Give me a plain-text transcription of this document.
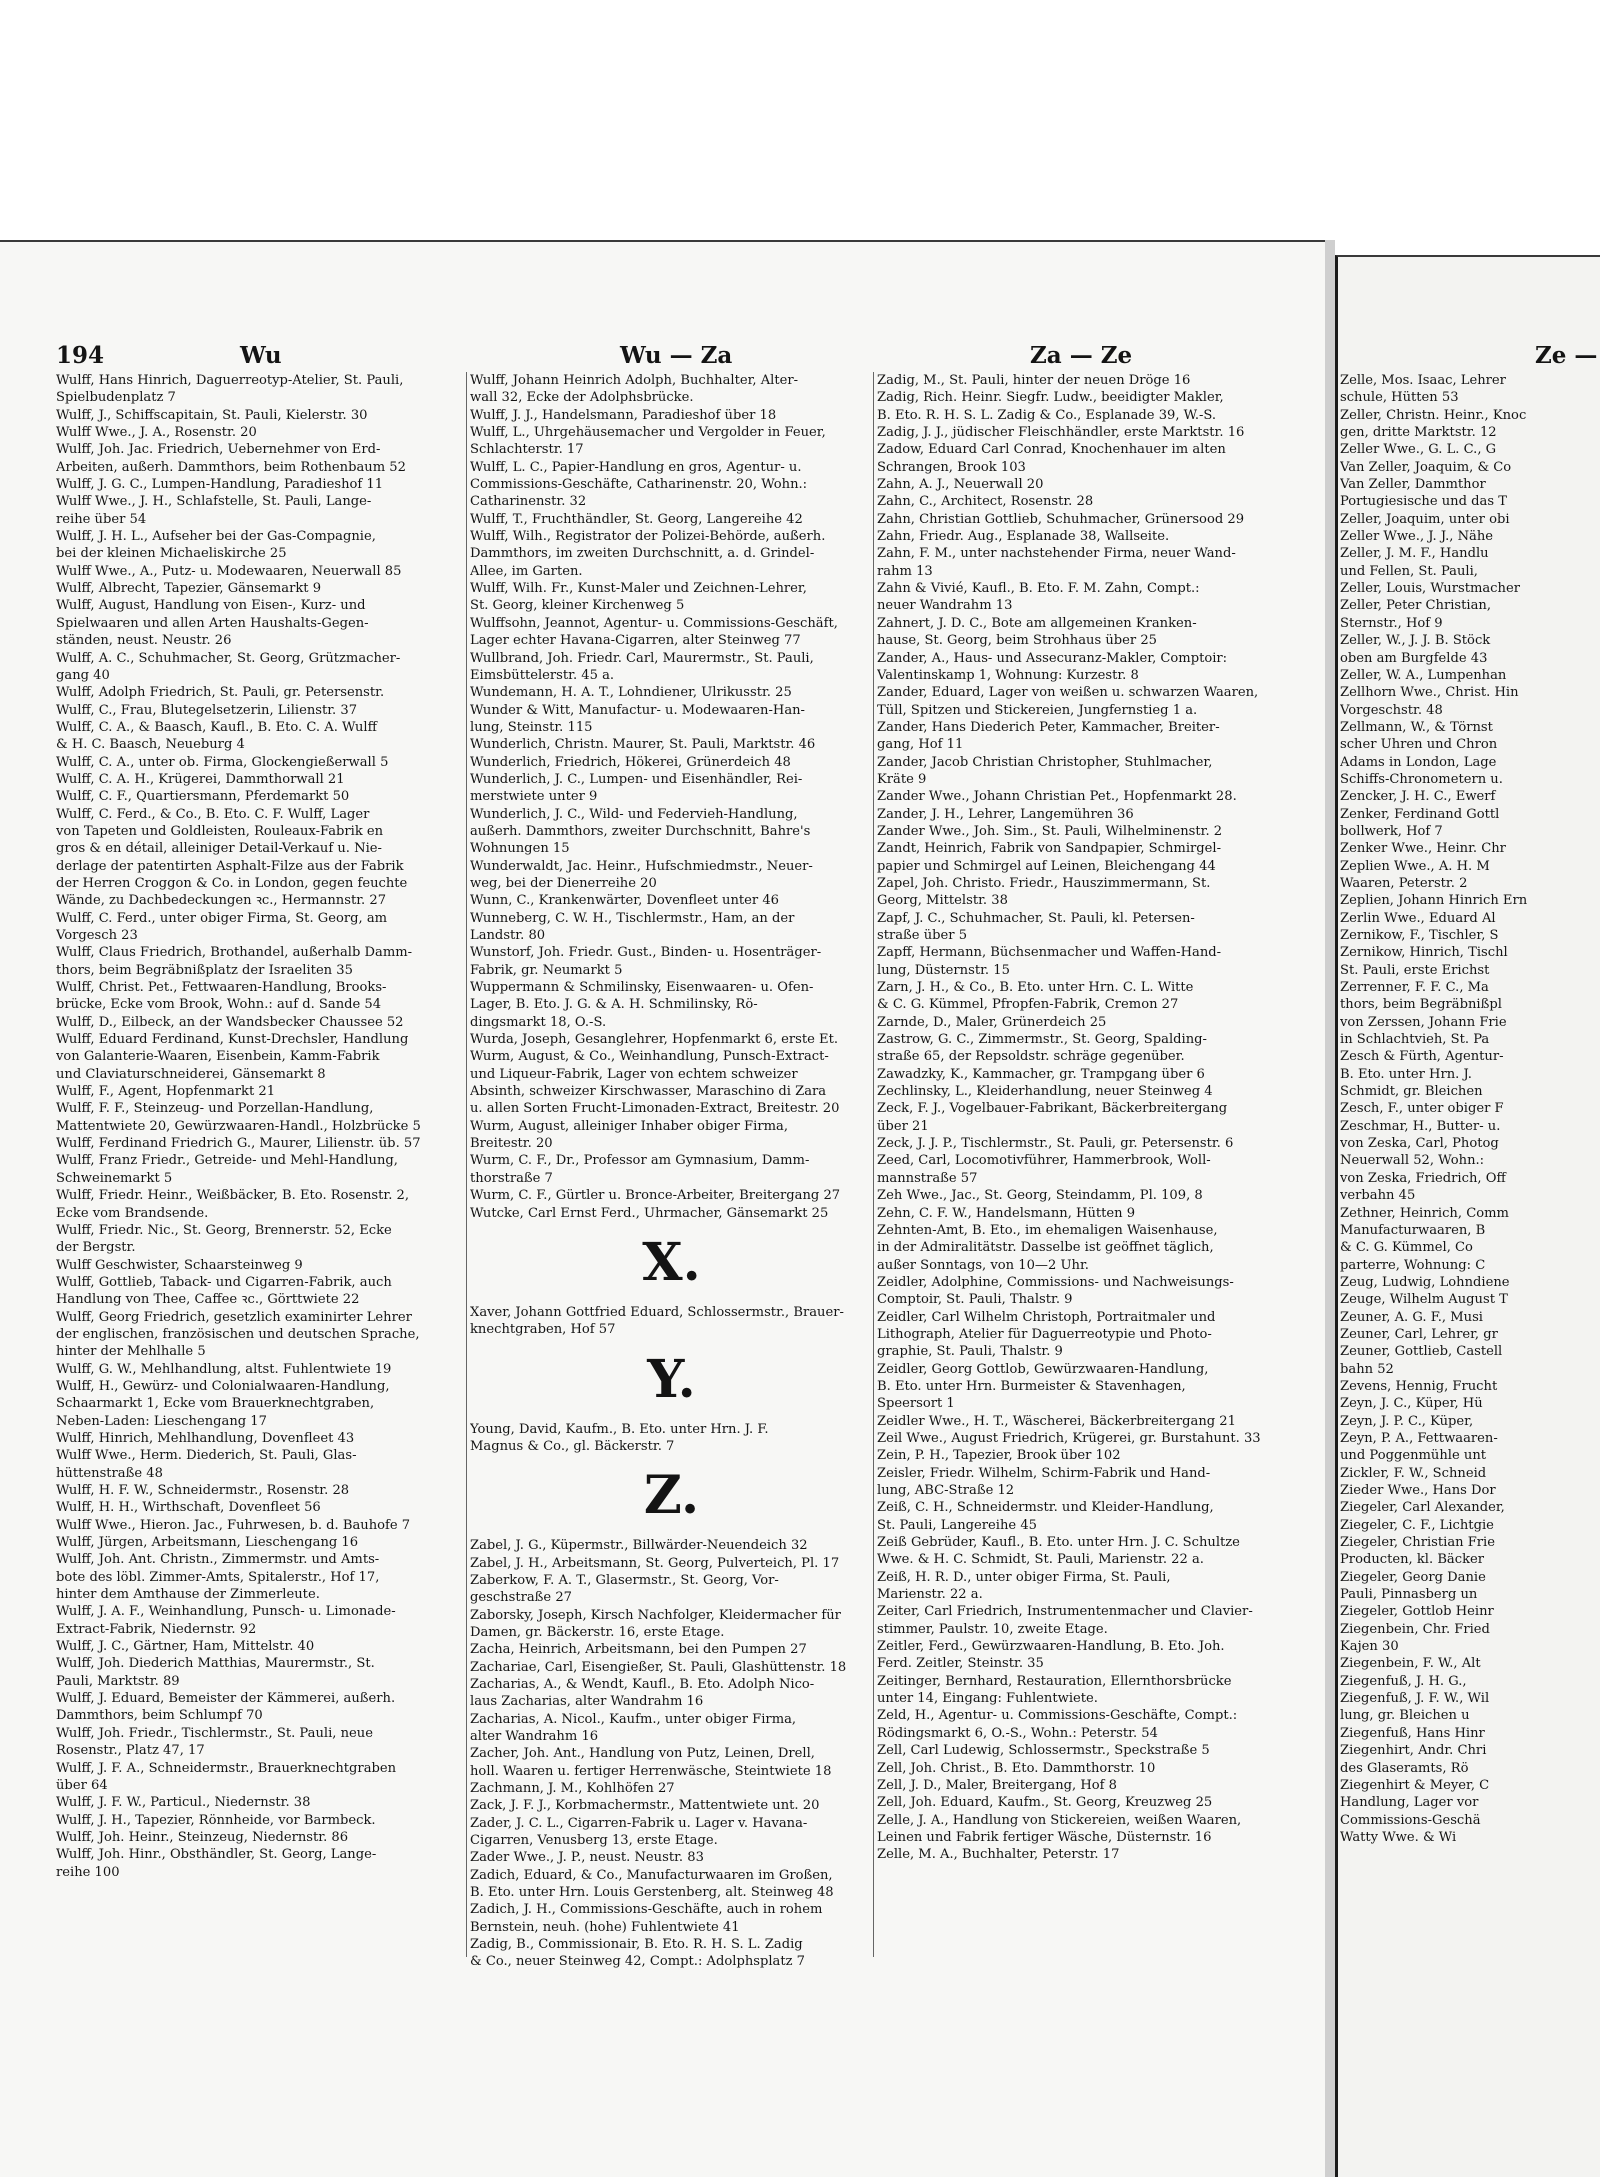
194	Wu	Wu — Za	Za — Ze	Ze —
Wulff, Hans Hinrich, Daguerreotyp-Atelier, St. Pauli,
Spielbudenplatz 7
Wulff, J., Schiffscapitain, St. Pauli, Kielerstr. 30
Wulff Wwe., J. A., Rosenstr. 20
Wulff, Joh. Jac. Friedrich, Uebernehmer von Erd-
Arbeiten, außerh. Dammthors, beim Rothenbaum 52
Wulff, J. G. C., Lumpen-Handlung, Paradieshof 11
Wulff Wwe., J. H., Schlafstelle, St. Pauli, Lange-
reihe über 54
Wulff, J. H. L., Aufseher bei der Gas-Compagnie,
bei der kleinen Michaeliskirche 25
Wulff Wwe., A., Putz- u. Modewaaren, Neuerwall 85
Wulff, Albrecht, Tapezier, Gänsemarkt 9
Wulff, August, Handlung von Eisen-, Kurz- und
Spielwaaren und allen Arten Haushalts-Gegen-
ständen, neust. Neustr. 26
Wulff, A. C., Schuhmacher, St. Georg, Grützmacher-
gang 40
Wulff, Adolph Friedrich, St. Pauli, gr. Petersenstr.
Wulff, C., Frau, Blutegelsetzerin, Lilienstr. 37
Wulff, C. A., & Baasch, Kaufl., B. Eto. C. A. Wulff
& H. C. Baasch, Neueburg 4
Wulff, C. A., unter ob. Firma, Glockengießerwall 5
Wulff, C. A. H., Krügerei, Dammthorwall 21
Wulff, C. F., Quartiersmann, Pferdemarkt 50
Wulff, C. Ferd., & Co., B. Eto. C. F. Wulff, Lager
von Tapeten und Goldleisten, Rouleaux-Fabrik en
gros & en détail, alleiniger Detail-Verkauf u. Nie-
derlage der patentirten Asphalt-Filze aus der Fabrik
der Herren Croggon & Co. in London, gegen feuchte
Wände, zu Dachbedeckungen ꝛc., Hermannstr. 27
Wulff, C. Ferd., unter obiger Firma, St. Georg, am
Vorgesch 23
Wulff, Claus Friedrich, Brothandel, außerhalb Damm-
thors, beim Begräbnißplatz der Israeliten 35
Wulff, Christ. Pet., Fettwaaren-Handlung, Brooks-
brücke, Ecke vom Brook, Wohn.: auf d. Sande 54
Wulff, D., Eilbeck, an der Wandsbecker Chaussee 52
Wulff, Eduard Ferdinand, Kunst-Drechsler, Handlung
von Galanterie-Waaren, Eisenbein, Kamm-Fabrik
und Claviaturschneiderei, Gänsemarkt 8
Wulff, F., Agent, Hopfenmarkt 21
Wulff, F. F., Steinzeug- und Porzellan-Handlung,
Mattentwiete 20, Gewürzwaaren-Handl., Holzbrücke 5
Wulff, Ferdinand Friedrich G., Maurer, Lilienstr. üb. 57
Wulff, Franz Friedr., Getreide- und Mehl-Handlung,
Schweinemarkt 5
Wulff, Friedr. Heinr., Weißbäcker, B. Eto. Rosenstr. 2,
Ecke vom Brandsende.
Wulff, Friedr. Nic., St. Georg, Brennerstr. 52, Ecke
der Bergstr.
Wulff Geschwister, Schaarsteinweg 9
Wulff, Gottlieb, Taback- und Cigarren-Fabrik, auch
Handlung von Thee, Caffee ꝛc., Görttwiete 22
Wulff, Georg Friedrich, gesetzlich examinirter Lehrer
der englischen, französischen und deutschen Sprache,
hinter der Mehlhalle 5
Wulff, G. W., Mehlhandlung, altst. Fuhlentwiete 19
Wulff, H., Gewürz- und Colonialwaaren-Handlung,
Schaarmarkt 1, Ecke vom Brauerknechtgraben,
Neben-Laden: Lieschengang 17
Wulff, Hinrich, Mehlhandlung, Dovenfleet 43
Wulff Wwe., Herm. Diederich, St. Pauli, Glas-
hüttenstraße 48
Wulff, H. F. W., Schneidermstr., Rosenstr. 28
Wulff, H. H., Wirthschaft, Dovenfleet 56
Wulff Wwe., Hieron. Jac., Fuhrwesen, b. d. Bauhofe 7
Wulff, Jürgen, Arbeitsmann, Lieschengang 16
Wulff, Joh. Ant. Christn., Zimmermstr. und Amts-
bote des löbl. Zimmer-Amts, Spitalerstr., Hof 17,
hinter dem Amthause der Zimmerleute.
Wulff, J. A. F., Weinhandlung, Punsch- u. Limonade-
Extract-Fabrik, Niedernstr. 92
Wulff, J. C., Gärtner, Ham, Mittelstr. 40
Wulff, Joh. Diederich Matthias, Maurermstr., St.
Pauli, Marktstr. 89
Wulff, J. Eduard, Bemeister der Kämmerei, außerh.
Dammthors, beim Schlumpf 70
Wulff, Joh. Friedr., Tischlermstr., St. Pauli, neue
Rosenstr., Platz 47, 17
Wulff, J. F. A., Schneidermstr., Brauerknechtgraben
über 64
Wulff, J. F. W., Particul., Niedernstr. 38
Wulff, J. H., Tapezier, Rönnheide, vor Barmbeck.
Wulff, Joh. Heinr., Steinzeug, Niedernstr. 86
Wulff, Joh. Hinr., Obsthändler, St. Georg, Lange-
reihe 100
Wulff, Johann Heinrich Adolph, Buchhalter, Alter-
wall 32, Ecke der Adolphsbrücke.
Wulff, J. J., Handelsmann, Paradieshof über 18
Wulff, L., Uhrgehäusemacher und Vergolder in Feuer,
Schlachterstr. 17
Wulff, L. C., Papier-Handlung en gros, Agentur- u.
Commissions-Geschäfte, Catharinenstr. 20, Wohn.:
Catharinenstr. 32
Wulff, T., Fruchthändler, St. Georg, Langereihe 42
Wulff, Wilh., Registrator der Polizei-Behörde, außerh.
Dammthors, im zweiten Durchschnitt, a. d. Grindel-
Allee, im Garten.
Wulff, Wilh. Fr., Kunst-Maler und Zeichnen-Lehrer,
St. Georg, kleiner Kirchenweg 5
Wulffsohn, Jeannot, Agentur- u. Commissions-Geschäft,
Lager echter Havana-Cigarren, alter Steinweg 77
Wullbrand, Joh. Friedr. Carl, Maurermstr., St. Pauli,
Eimsbüttelerstr. 45 a.
Wundemann, H. A. T., Lohndiener, Ulrikusstr. 25
Wunder & Witt, Manufactur- u. Modewaaren-Han-
lung, Steinstr. 115
Wunderlich, Christn. Maurer, St. Pauli, Marktstr. 46
Wunderlich, Friedrich, Hökerei, Grünerdeich 48
Wunderlich, J. C., Lumpen- und Eisenhändler, Rei-
merstwiete unter 9
Wunderlich, J. C., Wild- und Federvieh-Handlung,
außerh. Dammthors, zweiter Durchschnitt, Bahre's
Wohnungen 15
Wunderwaldt, Jac. Heinr., Hufschmiedmstr., Neuer-
weg, bei der Dienerreihe 20
Wunn, C., Krankenwärter, Dovenfleet unter 46
Wunneberg, C. W. H., Tischlermstr., Ham, an der
Landstr. 80
Wunstorf, Joh. Friedr. Gust., Binden- u. Hosenträger-
Fabrik, gr. Neumarkt 5
Wuppermann & Schmilinsky, Eisenwaaren- u. Ofen-
Lager, B. Eto. J. G. & A. H. Schmilinsky, Rö-
dingsmarkt 18, O.-S.
Wurda, Joseph, Gesanglehrer, Hopfenmarkt 6, erste Et.
Wurm, August, & Co., Weinhandlung, Punsch-Extract-
und Liqueur-Fabrik, Lager von echtem schweizer
Absinth, schweizer Kirschwasser, Maraschino di Zara
u. allen Sorten Frucht-Limonaden-Extract, Breitestr. 20
Wurm, August, alleiniger Inhaber obiger Firma,
Breitestr. 20
Wurm, C. F., Dr., Professor am Gymnasium, Damm-
thorstraße 7
Wurm, C. F., Gürtler u. Bronce-Arbeiter, Breitergang 27
Wutcke, Carl Ernst Ferd., Uhrmacher, Gänsemarkt 25
X.
Xaver, Johann Gottfried Eduard, Schlossermstr., Brauer-
knechtgraben, Hof 57
Y.
Young, David, Kaufm., B. Eto. unter Hrn. J. F.
Magnus & Co., gl. Bäckerstr. 7
Z.
Zabel, J. G., Küpermstr., Billwärder-Neuendeich 32
Zabel, J. H., Arbeitsmann, St. Georg, Pulverteich, Pl. 17
Zaberkow, F. A. T., Glasermstr., St. Georg, Vor-
geschstraße 27
Zaborsky, Joseph, Kirsch Nachfolger, Kleidermacher für
Damen, gr. Bäckerstr. 16, erste Etage.
Zacha, Heinrich, Arbeitsmann, bei den Pumpen 27
Zachariae, Carl, Eisengießer, St. Pauli, Glashüttenstr. 18
Zacharias, A., & Wendt, Kaufl., B. Eto. Adolph Nico-
laus Zacharias, alter Wandrahm 16
Zacharias, A. Nicol., Kaufm., unter obiger Firma,
alter Wandrahm 16
Zacher, Joh. Ant., Handlung von Putz, Leinen, Drell,
holl. Waaren u. fertiger Herrenwäsche, Steintwiete 18
Zachmann, J. M., Kohlhöfen 27
Zack, J. F. J., Korbmachermstr., Mattentwiete unt. 20
Zader, J. C. L., Cigarren-Fabrik u. Lager v. Havana-
Cigarren, Venusberg 13, erste Etage.
Zader Wwe., J. P., neust. Neustr. 83
Zadich, Eduard, & Co., Manufacturwaaren im Großen,
B. Eto. unter Hrn. Louis Gerstenberg, alt. Steinweg 48
Zadich, J. H., Commissions-Geschäfte, auch in rohem
Bernstein, neuh. (hohe) Fuhlentwiete 41
Zadig, B., Commissionair, B. Eto. R. H. S. L. Zadig
& Co., neuer Steinweg 42, Compt.: Adolphsplatz 7
Zadig, M., St. Pauli, hinter der neuen Dröge 16
Zadig, Rich. Heinr. Siegfr. Ludw., beeidigter Makler,
B. Eto. R. H. S. L. Zadig & Co., Esplanade 39, W.-S.
Zadig, J. J., jüdischer Fleischhändler, erste Marktstr. 16
Zadow, Eduard Carl Conrad, Knochenhauer im alten
Schrangen, Brook 103
Zahn, A. J., Neuerwall 20
Zahn, C., Architect, Rosenstr. 28
Zahn, Christian Gottlieb, Schuhmacher, Grünersood 29
Zahn, Friedr. Aug., Esplanade 38, Wallseite.
Zahn, F. M., unter nachstehender Firma, neuer Wand-
rahm 13
Zahn & Vivié, Kaufl., B. Eto. F. M. Zahn, Compt.:
neuer Wandrahm 13
Zahnert, J. D. C., Bote am allgemeinen Kranken-
hause, St. Georg, beim Strohhaus über 25
Zander, A., Haus- und Assecuranz-Makler, Comptoir:
Valentinskamp 1, Wohnung: Kurzestr. 8
Zander, Eduard, Lager von weißen u. schwarzen Waaren,
Tüll, Spitzen und Stickereien, Jungfernstieg 1 a.
Zander, Hans Diederich Peter, Kammacher, Breiter-
gang, Hof 11
Zander, Jacob Christian Christopher, Stuhlmacher,
Kräte 9
Zander Wwe., Johann Christian Pet., Hopfenmarkt 28.
Zander, J. H., Lehrer, Langemühren 36
Zander Wwe., Joh. Sim., St. Pauli, Wilhelminenstr. 2
Zandt, Heinrich, Fabrik von Sandpapier, Schmirgel-
papier und Schmirgel auf Leinen, Bleichengang 44
Zapel, Joh. Christo. Friedr., Hauszimmermann, St.
Georg, Mittelstr. 38
Zapf, J. C., Schuhmacher, St. Pauli, kl. Petersen-
straße über 5
Zapff, Hermann, Büchsenmacher und Waffen-Hand-
lung, Düsternstr. 15
Zarn, J. H., & Co., B. Eto. unter Hrn. C. L. Witte
& C. G. Kümmel, Pfropfen-Fabrik, Cremon 27
Zarnde, D., Maler, Grünerdeich 25
Zastrow, G. C., Zimmermstr., St. Georg, Spalding-
straße 65, der Repsoldstr. schräge gegenüber.
Zawadzky, K., Kammacher, gr. Trampgang über 6
Zechlinsky, L., Kleiderhandlung, neuer Steinweg 4
Zeck, F. J., Vogelbauer-Fabrikant, Bäckerbreitergang
über 21
Zeck, J. J. P., Tischlermstr., St. Pauli, gr. Petersenstr. 6
Zeed, Carl, Locomotivführer, Hammerbrook, Woll-
mannstraße 57
Zeh Wwe., Jac., St. Georg, Steindamm, Pl. 109, 8
Zehn, C. F. W., Handelsmann, Hütten 9
Zehnten-Amt, B. Eto., im ehemaligen Waisenhause,
in der Admiralitätstr. Dasselbe ist geöffnet täglich,
außer Sonntags, von 10—2 Uhr.
Zeidler, Adolphine, Commissions- und Nachweisungs-
Comptoir, St. Pauli, Thalstr. 9
Zeidler, Carl Wilhelm Christoph, Portraitmaler und
Lithograph, Atelier für Daguerreotypie und Photo-
graphie, St. Pauli, Thalstr. 9
Zeidler, Georg Gottlob, Gewürzwaaren-Handlung,
B. Eto. unter Hrn. Burmeister & Stavenhagen,
Speersort 1
Zeidler Wwe., H. T., Wäscherei, Bäckerbreitergang 21
Zeil Wwe., August Friedrich, Krügerei, gr. Burstahunt. 33
Zein, P. H., Tapezier, Brook über 102
Zeisler, Friedr. Wilhelm, Schirm-Fabrik und Hand-
lung, ABC-Straße 12
Zeiß, C. H., Schneidermstr. und Kleider-Handlung,
St. Pauli, Langereihe 45
Zeiß Gebrüder, Kaufl., B. Eto. unter Hrn. J. C. Schultze
Wwe. & H. C. Schmidt, St. Pauli, Marienstr. 22 a.
Zeiß, H. R. D., unter obiger Firma, St. Pauli,
Marienstr. 22 a.
Zeiter, Carl Friedrich, Instrumentenmacher und Clavier-
stimmer, Paulstr. 10, zweite Etage.
Zeitler, Ferd., Gewürzwaaren-Handlung, B. Eto. Joh.
Ferd. Zeitler, Steinstr. 35
Zeitinger, Bernhard, Restauration, Ellernthorsbrücke
unter 14, Eingang: Fuhlentwiete.
Zeld, H., Agentur- u. Commissions-Geschäfte, Compt.:
Rödingsmarkt 6, O.-S., Wohn.: Peterstr. 54
Zell, Carl Ludewig, Schlossermstr., Speckstraße 5
Zell, Joh. Christ., B. Eto. Dammthorstr. 10
Zell, J. D., Maler, Breitergang, Hof 8
Zell, Joh. Eduard, Kaufm., St. Georg, Kreuzweg 25
Zelle, J. A., Handlung von Stickereien, weißen Waaren,
Leinen und Fabrik fertiger Wäsche, Düsternstr. 16
Zelle, M. A., Buchhalter, Peterstr. 17
Zelle, Mos. Isaac, Lehrer
schule, Hütten 53
Zeller, Christn. Heinr., Knoc
gen, dritte Marktstr. 12
Zeller Wwe., G. L. C., G
Van Zeller, Joaquim, & Co
Van Zeller, Dammthor
Portugiesische und das T
Zeller, Joaquim, unter obi
Zeller Wwe., J. J., Nähe
Zeller, J. M. F., Handlu
und Fellen, St. Pauli,
Zeller, Louis, Wurstmacher
Zeller, Peter Christian,
Sternstr., Hof 9
Zeller, W., J. J. B. Stöck
oben am Burgfelde 43
Zeller, W. A., Lumpenhan
Zellhorn Wwe., Christ. Hin
Vorgeschstr. 48
Zellmann, W., & Törnst
scher Uhren und Chron
Adams in London, Lage
Schiffs-Chronometern u.
Zencker, J. H. C., Ewerf
Zenker, Ferdinand Gottl
bollwerk, Hof 7
Zenker Wwe., Heinr. Chr
Zeplien Wwe., A. H. M
Waaren, Peterstr. 2
Zeplien, Johann Hinrich Ern
Zerlin Wwe., Eduard Al
Zernikow, F., Tischler, S
Zernikow, Hinrich, Tischl
St. Pauli, erste Erichst
Zerrenner, F. F. C., Ma
thors, beim Begräbnißpl
von Zerssen, Johann Frie
in Schlachtvieh, St. Pa
Zesch & Fürth, Agentur-
B. Eto. unter Hrn. J.
Schmidt, gr. Bleichen
Zesch, F., unter obiger F
Zeschmar, H., Butter- u.
von Zeska, Carl, Photog
Neuerwall 52, Wohn.:
von Zeska, Friedrich, Off
verbahn 45
Zethner, Heinrich, Comm
Manufacturwaaren, B
& C. G. Kümmel, Co
parterre, Wohnung: C
Zeug, Ludwig, Lohndiene
Zeuge, Wilhelm August T
Zeuner, A. G. F., Musi
Zeuner, Carl, Lehrer, gr
Zeuner, Gottlieb, Castell
bahn 52
Zevens, Hennig, Frucht
Zeyn, J. C., Küper, Hü
Zeyn, J. P. C., Küper,
Zeyn, P. A., Fettwaaren-
und Poggenmühle unt
Zickler, F. W., Schneid
Zieder Wwe., Hans Dor
Ziegeler, Carl Alexander,
Ziegeler, C. F., Lichtgie
Ziegeler, Christian Frie
Producten, kl. Bäcker
Ziegeler, Georg Danie
Pauli, Pinnasberg un
Ziegeler, Gottlob Heinr
Ziegenbein, Chr. Fried
Kajen 30
Ziegenbein, F. W., Alt
Ziegenfuß, J. H. G.,
Ziegenfuß, J. F. W., Wil
lung, gr. Bleichen u
Ziegenfuß, Hans Hinr
Ziegenhirt, Andr. Chri
des Glaseramts, Rö
Ziegenhirt & Meyer, C
Handlung, Lager vor
Commissions-Geschä
Watty Wwe. & Wi
